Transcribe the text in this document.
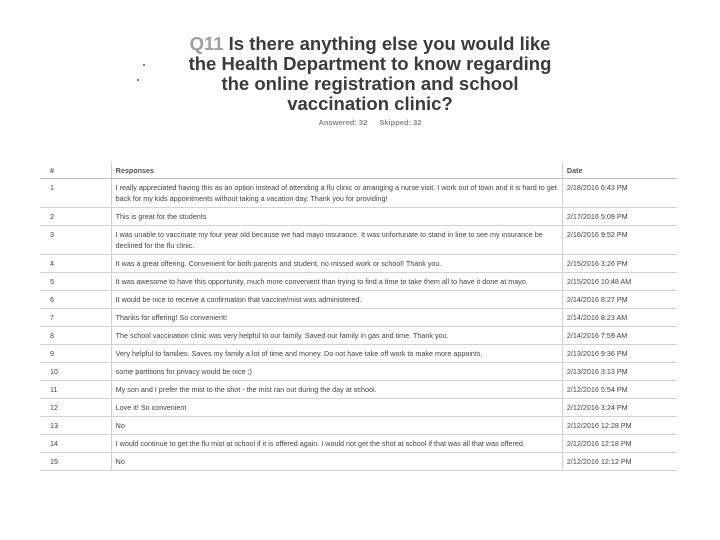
Q11 Is there anything else you would like
the Health Department to know regarding
the online registration and school
vaccination clinic?
Answered: 32 Skipped: 32
#	Responses	Date
1	I really appreciated having this as an option instead of attending a flu clinic or arranging a nurse visit. I work out of town and it is hard to get back for my kids appointments without taking a vacation day. Thank you for providing!	2/18/2016 6:43 PM
2	This is great for the students	2/17/2016 5:09 PM
3	I was unable to vaccinate my four year old because we had mayo insurance. It was unfortunate to stand in line to see my insurance be declined for the flu clinic.	2/16/2016 9:52 PM
4	It was a great offering. Convenient for both parents and student, no missed work or school! Thank you.	2/15/2016 3:26 PM
5	It was awesome to have this opportunity, much more convenient than trying to find a time to take them all to have it done at mayo.	2/15/2016 10:48 AM
6	It would be nice to receive a confirmation that vaccine/mist was administered.	2/14/2016 8:27 PM
7	Thanks for offering! So convenient!	2/14/2016 8:23 AM
8	The school vaccination clinic was very helpful to our family. Saved our family in gas and time. Thank you.	2/14/2016 7:59 AM
9	Very helpful to families. Saves my family a lot of time and money. Do not have take off work to make more appoints.	2/13/2016 9:36 PM
10	some partitions for privacy would be nice ;)	2/13/2016 3:13 PM
11	My son and I prefer the mist to the shot - the mist ran out during the day at school.	2/12/2016 5:54 PM
12	Love it! So convenient	2/12/2016 3:24 PM
13	No	2/12/2016 12:28 PM
14	I would continue to get the flu mist at school if it is offered again. I would not get the shot at school if that was all that was offered.	2/12/2016 12:18 PM
15	No	2/12/2016 12:12 PM
